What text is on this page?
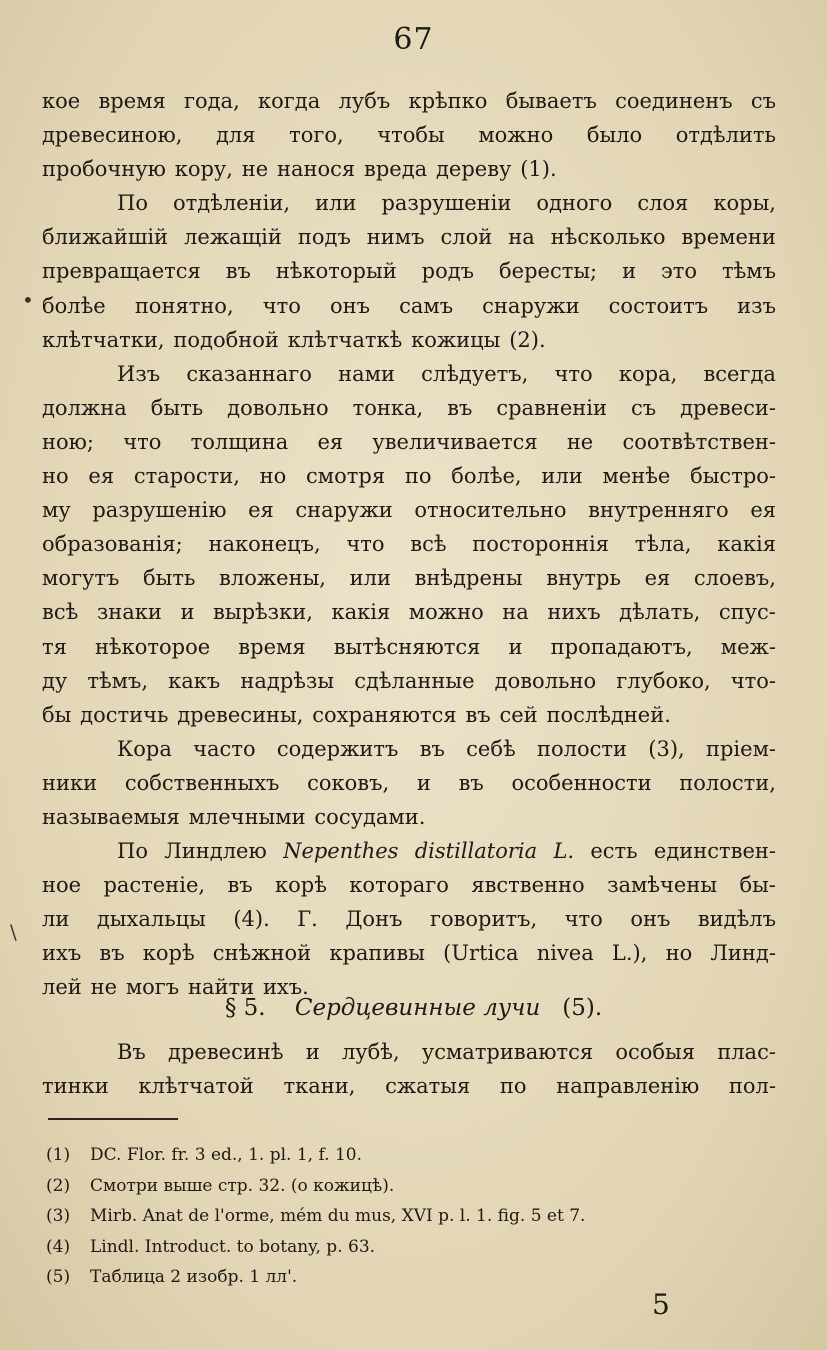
67
кое время года, когда лубъ крѣпко бываетъ соединенъ съ
древесиною, для того, чтобы можно было отдѣлить
пробочную кору, не нанося вреда дереву (1).
По отдѣленіи, или разрушеніи одного слоя коры,
ближайшій лежащій подъ нимъ слой на нѣсколько времени
превращается въ нѣкоторый родъ бересты; и это тѣмъ
болѣе понятно, что онъ самъ снаружи состоитъ изъ
клѣтчатки, подобной клѣтчаткѣ кожицы (2).
Изъ сказаннаго нами слѣдуетъ, что кора, всегда
должна быть довольно тонка, въ сравненіи съ древеси-
ною; что толщина ея увеличивается не соотвѣтствен-
но ея старости, но смотря по болѣе, или менѣе быстро-
му разрушенію ея снаружи относительно внутренняго ея
образованія; наконецъ, что всѣ постороннія тѣла, какія
могутъ быть вложены, или внѣдрены внутрь ея слоевъ,
всѣ знаки и вырѣзки, какія можно на нихъ дѣлать, спус-
тя нѣкоторое время вытѣсняются и пропадаютъ, меж-
ду тѣмъ, какъ надрѣзы сдѣланные довольно глубоко, что-
бы достичь древесины, сохраняются въ сей послѣдней.
Кора часто содержитъ въ себѣ полости (3), пріем-
ники собственныхъ соковъ, и въ особенности полости,
называемыя млечными сосудами.
По Линдлею Nepenthes distillatoria L. есть единствен-
ное растеніе, въ корѣ котораго явственно замѣчены бы-
ли дыхальцы (4). Г. Донъ говоритъ, что онъ видѣлъ
ихъ въ корѣ снѣжной крапивы (Urtica nivea L.), но Линд-
лей не могъ найти ихъ.
§ 5. Сердцевинные лучи (5).
Въ древесинѣ и лубѣ, усматриваются особыя плас-
тинки клѣтчатой ткани, сжатыя по направленію пол-
(1) DC. Flor. fr. 3 ed., 1. pl. 1, f. 10.
(2) Смотри выше стр. 32. (о кожицѣ).
(3) Mirb. Anat de l'orme, mém du mus, XVI p. l. 1. fig. 5 et 7.
(4) Lindl. Introduct. to botany, p. 63.
(5) Таблица 2 изобр. 1 лл'.
5
•
\
